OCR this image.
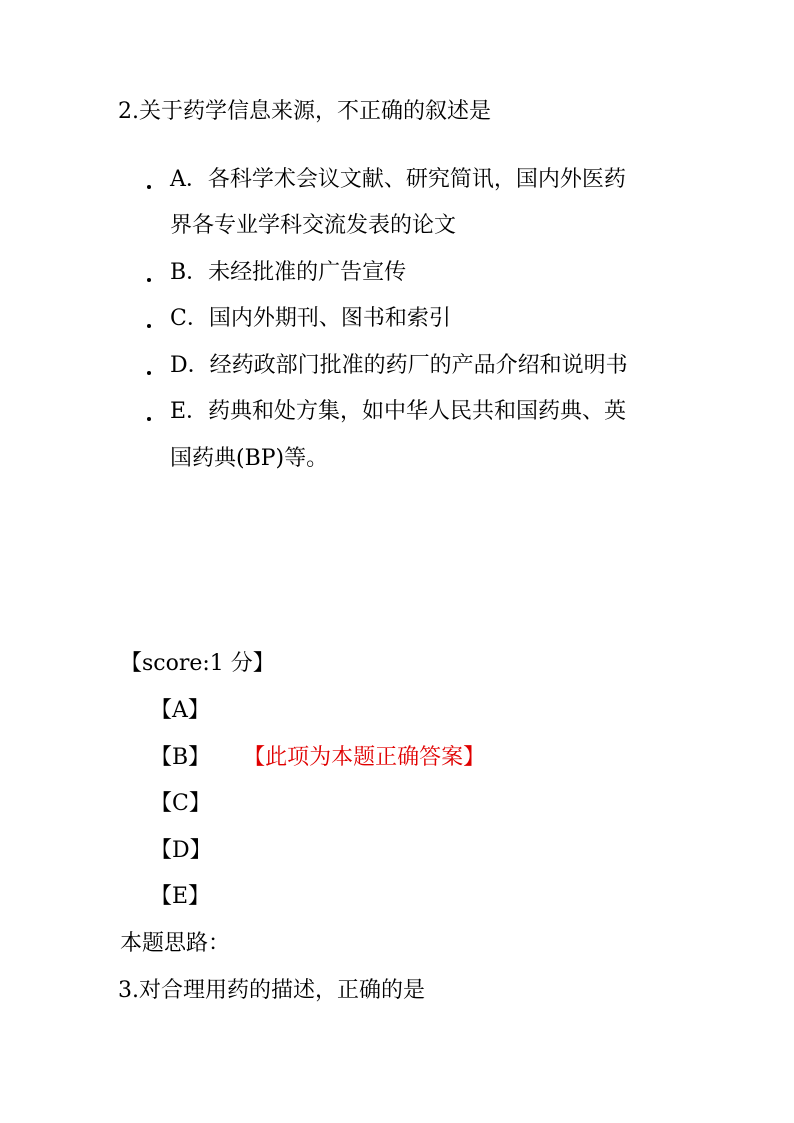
2.关于药学信息来源，不正确的叙述是
A．各科学术会议文献、研究简讯，国内外医药
界各专业学科交流发表的论文
B．未经批准的广告宣传
C．国内外期刊、图书和索引
D．经药政部门批准的药厂的产品介绍和说明书
E．药典和处方集，如中华人民共和国药典、英
国药典(BP)等。
【score:1 分】
【A】
【B】 【此项为本题正确答案】
【C】
【D】
【E】
本题思路：
3.对合理用药的描述，正确的是
